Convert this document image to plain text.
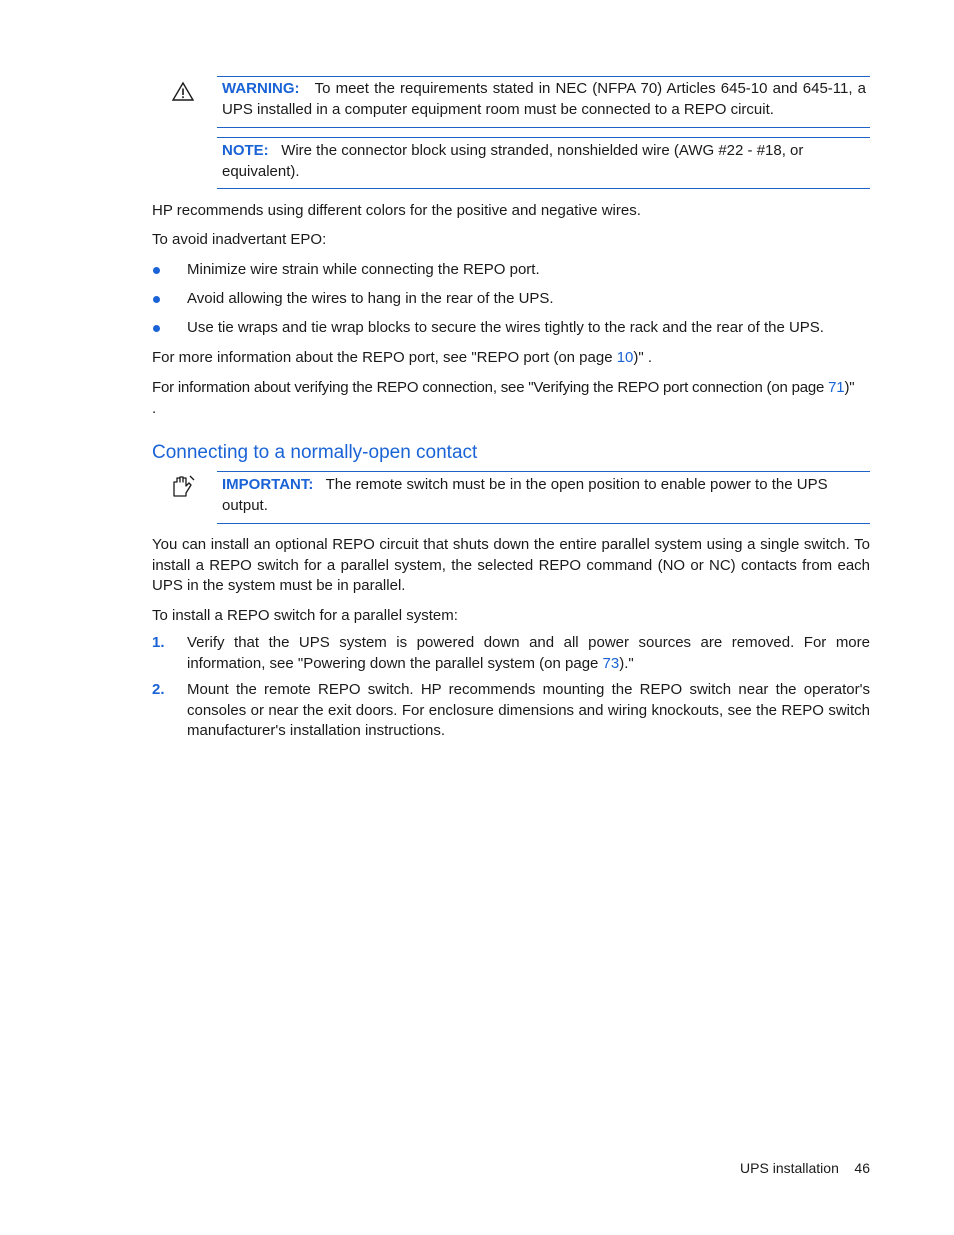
WARNING: To meet the requirements stated in NEC (NFPA 70) Articles 645-10 and 645-11, a UPS installed in a computer equipment room must be connected to a REPO circuit.

NOTE: Wire the connector block using stranded, nonshielded wire (AWG #22 - #18, or equivalent).

HP recommends using different colors for the positive and negative wires.

To avoid inadvertant EPO:

Minimize wire strain while connecting the REPO port.

Avoid allowing the wires to hang in the rear of the UPS.

Use tie wraps and tie wrap blocks to secure the wires tightly to the rack and the rear of the UPS.

For more information about the REPO port, see "REPO port (on page 10)" .

For information about verifying the REPO connection, see "Verifying the REPO port connection (on page 71)"

.

Connecting to a normally-open contact

IMPORTANT: The remote switch must be in the open position to enable power to the UPS output.

You can install an optional REPO circuit that shuts down the entire parallel system using a single switch. To install a REPO switch for a parallel system, the selected REPO command (NO or NC) contacts from each UPS in the system must be in parallel.

To install a REPO switch for a parallel system:

1. Verify that the UPS system is powered down and all power sources are removed. For more information, see "Powering down the parallel system (on page 73)."

2. Mount the remote REPO switch. HP recommends mounting the REPO switch near the operator's consoles or near the exit doors. For enclosure dimensions and wiring knockouts, see the REPO switch manufacturer's installation instructions.

UPS installation 46
